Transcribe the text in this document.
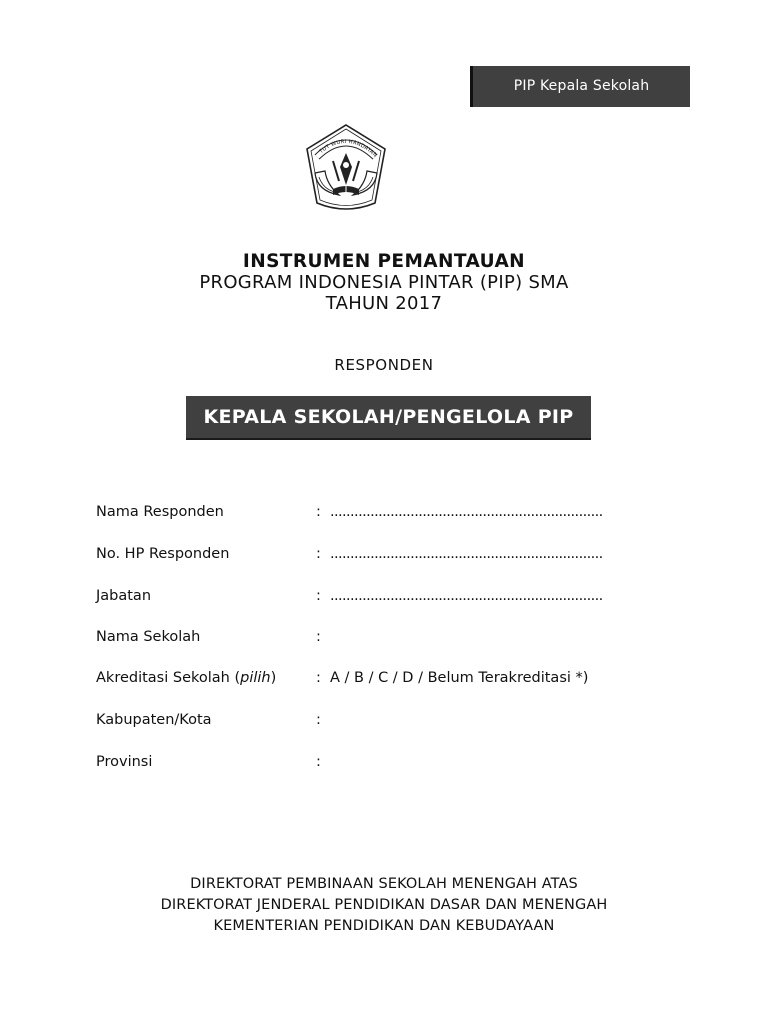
PIP Kepala Sekolah
TUT WURI HANDAYAN
INSTRUMEN PEMANTAUAN
PROGRAM INDONESIA PINTAR (PIP) SMA
TAHUN 2017
RESPONDEN
KEPALA SEKOLAH/PENGELOLA PIP
Nama Responden	: ....................................................................
No. HP Responden	: ....................................................................
Jabatan	: ....................................................................
Nama Sekolah	:
Akreditasi Sekolah (pilih)	: A / B / C / D / Belum Terakreditasi *)
Kabupaten/Kota	:
Provinsi	:
DIREKTORAT PEMBINAAN SEKOLAH MENENGAH ATAS
DIREKTORAT JENDERAL PENDIDIKAN DASAR DAN MENENGAH
KEMENTERIAN PENDIDIKAN DAN KEBUDAYAAN
